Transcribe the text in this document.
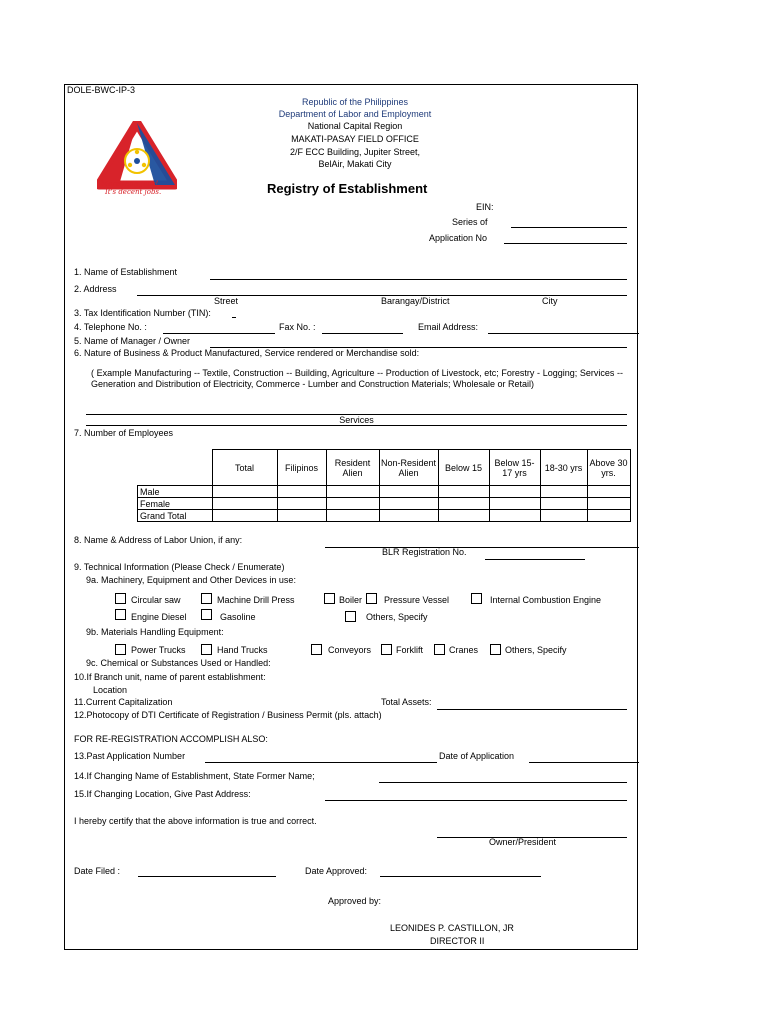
DOLE-BWC-IP-3
More than Jobs!
It's decent jobs.
Republic of the Philippines
Department of Labor and Employment
National Capital Region
MAKATI-PASAY FIELD OFFICE
2/F ECC Building, Jupiter Street,
BelAir, Makati City
Registry of Establishment
EIN:
Series of
Application No
1. Name of Establishment
2. Address
Street	Barangay/District	City
3. Tax Identification Number (TIN):
4. Telephone No. :	Fax No. :	Email Address:
5. Name of Manager / Owner
6. Nature of Business & Product Manufactured, Service rendered or Merchandise sold:
( Example Manufacturing -- Textile, Construction -- Building, Agriculture -- Production of Livestock, etc; Forestry - Logging; Services -- Generation and Distribution of Electricity, Commerce - Lumber and Construction Materials; Wholesale or Retail)
Services
7. Number of Employees
	Total	Filipinos	Resident Alien	Non-Resident Alien	Below 15	Below 15-17 yrs	18-30 yrs	Above 30 yrs.
Male								
Female								
Grand Total								
8. Name & Address of Labor Union, if any:
BLR Registration No.
9. Technical Information (Please Check / Enumerate)
9a. Machinery, Equipment and Other Devices in use:
Circular saw	Machine Drill Press	Boiler Pressure Vessel	Internal Combustion Engine
Engine Diesel	Gasoline	Others, Specify
9b. Materials Handling Equipment:
Power Trucks	Hand Trucks	Conveyors	Forklift	Cranes	Others, Specify
9c. Chemical or Substances Used or Handled:
10.If Branch unit, name of parent establishment:
Location
11.Current Capitalization	Total Assets:
12.Photocopy of DTI Certificate of Registration / Business Permit (pls. attach)
FOR RE-REGISTRATION ACCOMPLISH ALSO:
13.Past Application Number	Date of Application
14.If Changing Name of Establishment, State Former Name;
15.If Changing Location, Give Past Address:
I hereby certify that the above information is true and correct.
Owner/President
Date Filed :	Date Approved:
Approved by:
LEONIDES P. CASTILLON, JR
DIRECTOR II
